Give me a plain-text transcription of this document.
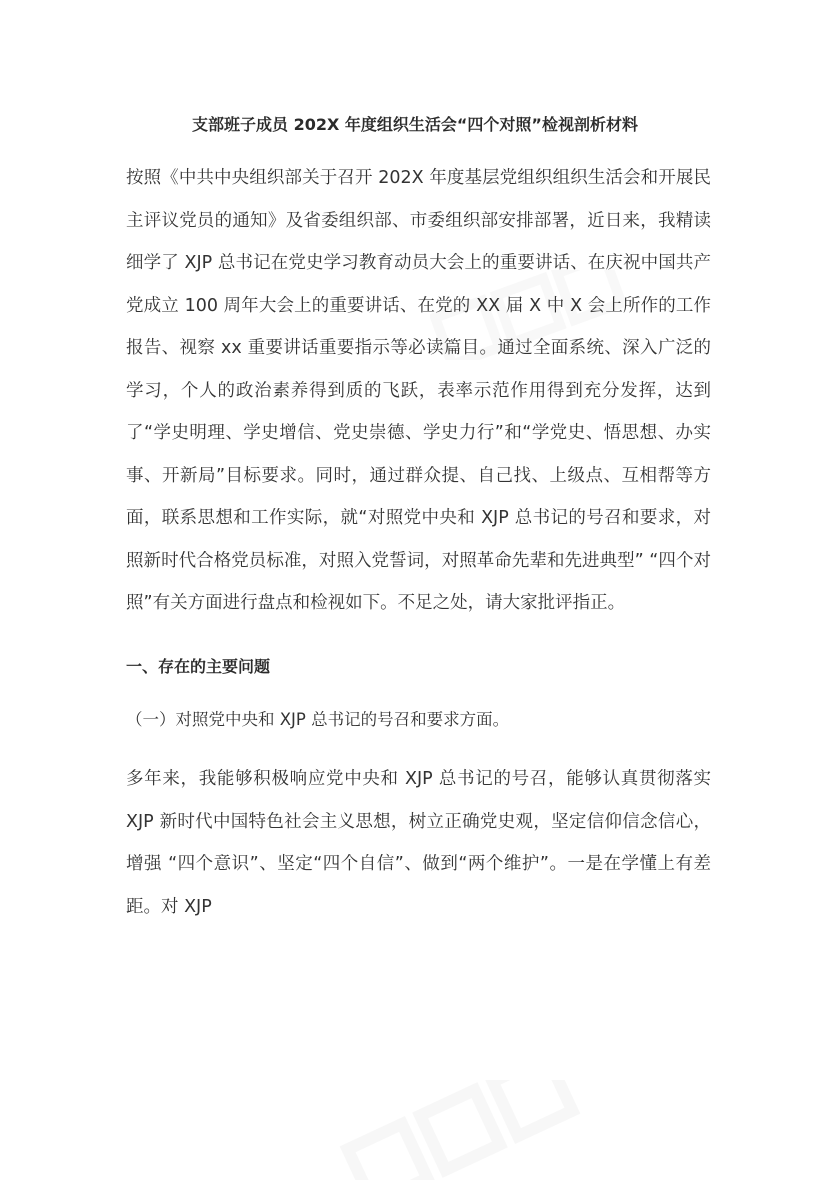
支部班子成员 202X 年度组织生活会“四个对照”检视剖析材料
按照《中共中央组织部关于召开 202X 年度基层党组织组织生活会和开展民主评议党员的通知》及省委组织部、市委组织部安排部署，近日来，我精读细学了 XJP 总书记在党史学习教育动员大会上的重要讲话、在庆祝中国共产党成立 100 周年大会上的重要讲话、在党的 XX 届 X 中 X 会上所作的工作报告、视察 xx 重要讲话重要指示等必读篇目。通过全面系统、深入广泛的学习，个人的政治素养得到质的飞跃，表率示范作用得到充分发挥，达到了“学史明理、学史增信、党史崇德、学史力行”和“学党史、悟思想、办实事、开新局”目标要求。同时，通过群众提、自己找、上级点、互相帮等方面，联系思想和工作实际，就“对照党中央和 XJP 总书记的号召和要求，对照新时代合格党员标准，对照入党誓词，对照革命先辈和先进典型” “四个对照”有关方面进行盘点和检视如下。不足之处，请大家批评指正。
一、存在的主要问题
（一）对照党中央和 XJP 总书记的号召和要求方面。
多年来，我能够积极响应党中央和 XJP 总书记的号召，能够认真贯彻落实 XJP 新时代中国特色社会主义思想，树立正确党史观，坚定信仰信念信心，增强 “四个意识”、坚定“四个自信”、做到“两个维护”。一是在学懂上有差距。对 XJP
